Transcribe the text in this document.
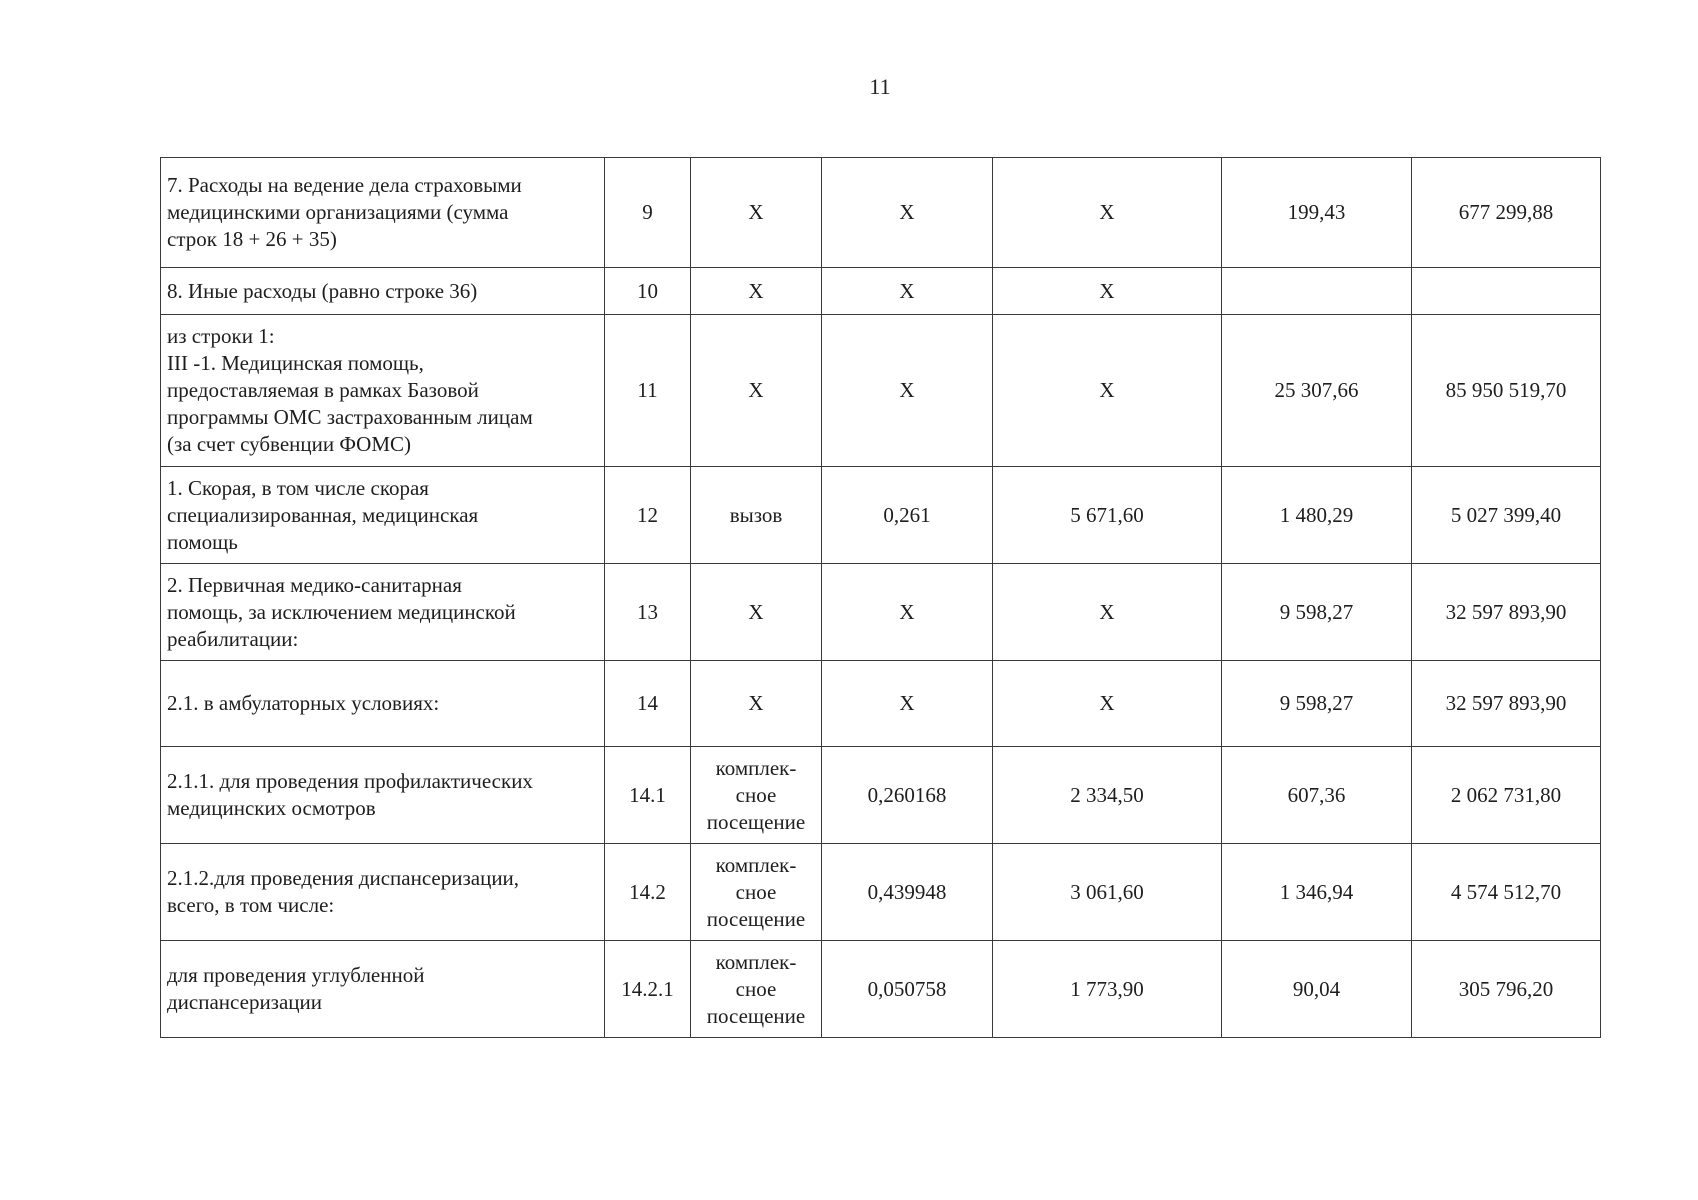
11
7. Расходы на ведение дела страховыми
медицинскими организациями (сумма
строк 18 + 26 + 35)	9	X	X	X	199,43	677 299,88

8. Иные расходы (равно строке 36)	10	X	X	X		

из строки 1:
III -1. Медицинская помощь,
предоставляемая в рамках Базовой
программы ОМС застрахованным лицам
(за счет субвенции ФОМС)	11	X	X	X	25 307,66	85 950 519,70

1. Скорая, в том числе скорая
специализированная, медицинская
помощь	12	вызов	0,261	5 671,60	1 480,29	5 027 399,40

2. Первичная медико-санитарная
помощь, за исключением медицинской
реабилитации:	13	X	X	X	9 598,27	32 597 893,90

2.1. в амбулаторных условиях:	14	X	X	X	9 598,27	32 597 893,90

2.1.1. для проведения профилактических
медицинских осмотров	14.1	комплек-
сное
посещение	0,260168	2 334,50	607,36	2 062 731,80

2.1.2.для проведения диспансеризации,
всего, в том числе:	14.2	комплек-
сное
посещение	0,439948	3 061,60	1 346,94	4 574 512,70

для проведения углубленной
диспансеризации	14.2.1	комплек-
сное
посещение	0,050758	1 773,90	90,04	305 796,20
